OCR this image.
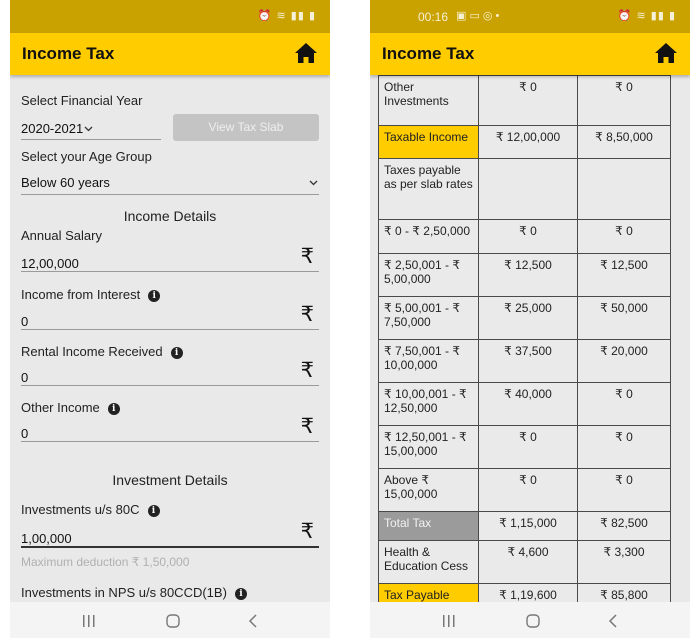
⏰ ≋ ▮▮ ▮
Income Tax
Select Financial Year
2020-2021	View Tax Slab
Select your Age Group
Below 60 years
Income Details
Annual Salary
12,00,000	₹
Income from Interest i
0	₹
Rental Income Received i
0	₹
Other Income i
0	₹
Investment Details
Investments u/s 80C i
1,00,000	₹
Maximum deduction ₹ 1,50,000
Investments in NPS u/s 80CCD(1B) i
00:16 ▣ ▭ ◎ •	⏰ ≋ ▮▮ ▮
Income Tax

Other Investments	₹ 0	₹ 0
Taxable Income	₹ 12,00,000	₹ 8,50,000
Taxes payable as per slab rates		
₹ 0 - ₹ 2,50,000	₹ 0	₹ 0
₹ 2,50,001 - ₹ 5,00,000	₹ 12,500	₹ 12,500
₹ 5,00,001 - ₹ 7,50,000	₹ 25,000	₹ 50,000
₹ 7,50,001 - ₹ 10,00,000	₹ 37,500	₹ 20,000
₹ 10,00,001 - ₹ 12,50,000	₹ 40,000	₹ 0
₹ 12,50,001 - ₹ 15,00,000	₹ 0	₹ 0
Above ₹ 15,00,000	₹ 0	₹ 0
Total Tax	₹ 1,15,000	₹ 82,500
Health & Education Cess	₹ 4,600	₹ 3,300
Tax Payable	₹ 1,19,600	₹ 85,800
